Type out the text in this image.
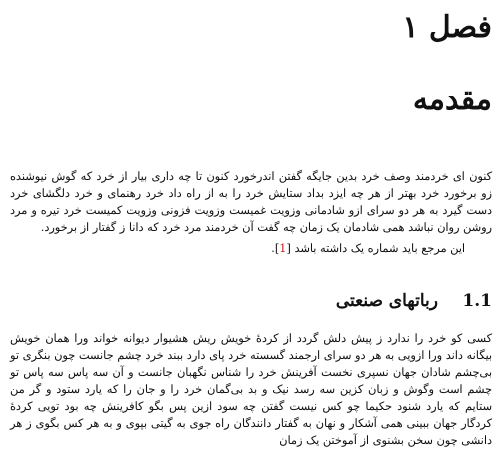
فصل ۱
مقدمه
کنون ای خردمند وصف خرد بدین جایگه گفتن اندرخورد کنون تا چه داری بیار از خرد که گوش نیوشنده زو برخورد خرد بهتر از هر چه ایزد بداد ستایش خرد را به از راه داد خرد رهنمای و خرد دلگشای خرد دست گیرد به هر دو سرای ازو شادمانی وزویت غمیست وزویت فزونی وزویت کمیست خرد تیره و مرد روشن روان نباشد همی شادمان یک زمان چه گفت آن خردمند مرد خرد که دانا ز گفتار از برخورد.
این مرجع باید شماره یک داشته باشد [1].
1.1
رباتهای صنعتی
کسی کو خرد را ندارد ز پیش دلش گردد از کردهٔ خویش ریش هشیوار دیوانه خواند ورا همان خویش بیگانه داند ورا ازویی به هر دو سرای ارجمند گسسته خرد پای دارد ببند خرد چشم جانست چون بنگری تو بی‌چشم شادان جهان نسپری نخست آفرینش خرد را شناس نگهبان جانست و آن سه پاس سه پاس تو چشم است وگوش و زبان کزین سه رسد نیک و بد بی‌گمان خرد را و جان را که یارد ستود و گر من ستایم که یارد شنود حکیما چو کس نیست گفتن چه سود ازین پس بگو کافرینش چه بود تویی کردهٔ کردگار جهان ببینی همی آشکار و نهان به گفتار دانندگان راه جوی به گیتی بپوی و به هر کس بگوی ز هر دانشی چون سخن بشنوی از آموختن یک زمان
